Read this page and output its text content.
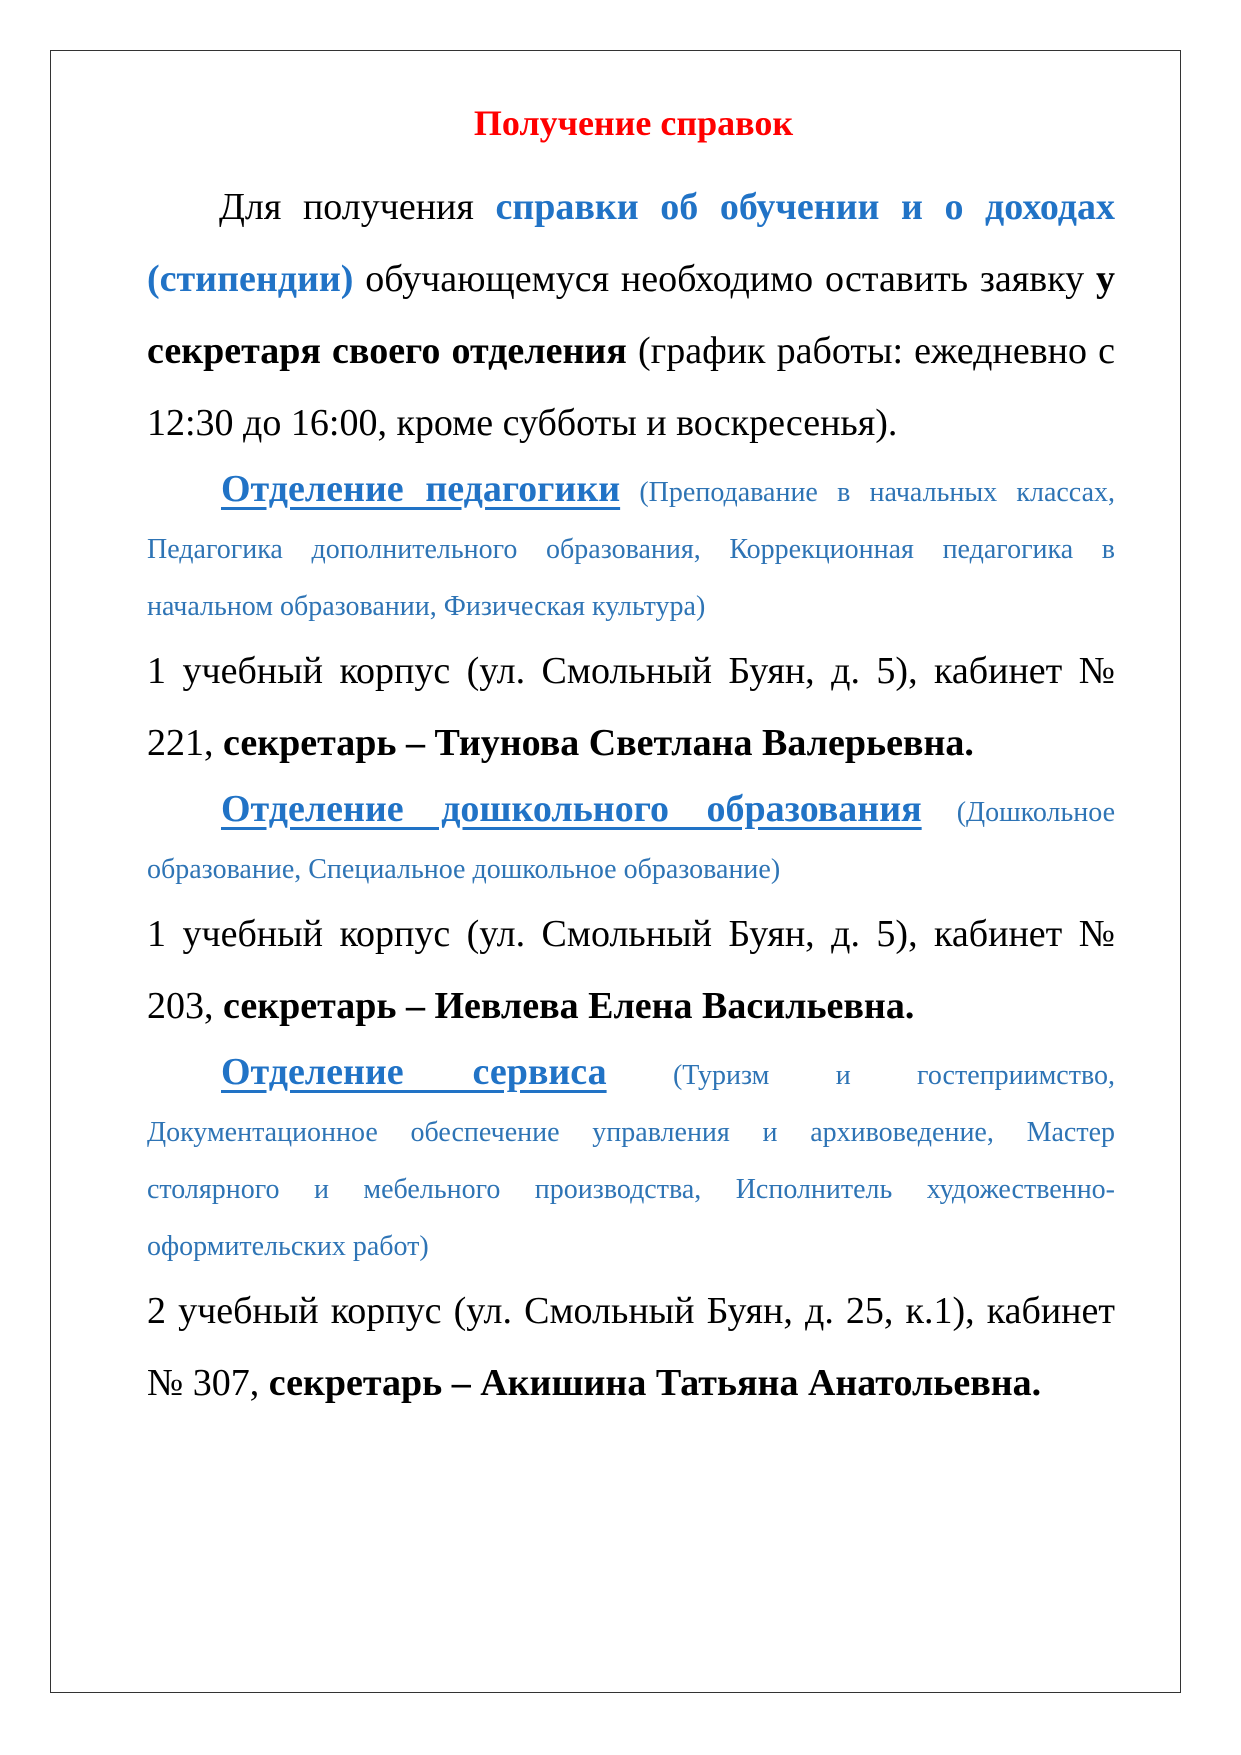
Получение справок

Для получения справки об обучении и о доходах (стипендии) обучающемуся необходимо оставить заявку у секретаря своего отделения (график работы: ежедневно с 12:30 до 16:00, кроме субботы и воскресенья).

Отделение педагогики (Преподавание в начальных классах, Педагогика дополнительного образования, Коррекционная педагогика в начальном образовании, Физическая культура)

1 учебный корпус (ул. Смольный Буян, д. 5), кабинет № 221, секретарь – Тиунова Светлана Валерьевна.

Отделение дошкольного образования (Дошкольное образование, Специальное дошкольное образование)

1 учебный корпус (ул. Смольный Буян, д. 5), кабинет № 203, секретарь – Иевлева Елена Васильевна.

Отделение сервиса (Туризм и гостеприимство, Документационное обеспечение управления и архивоведение, Мастер столярного и мебельного производства, Исполнитель художественно-оформительских работ)

2 учебный корпус (ул. Смольный Буян, д. 25, к.1), кабинет № 307, секретарь – Акишина Татьяна Анатольевна.
